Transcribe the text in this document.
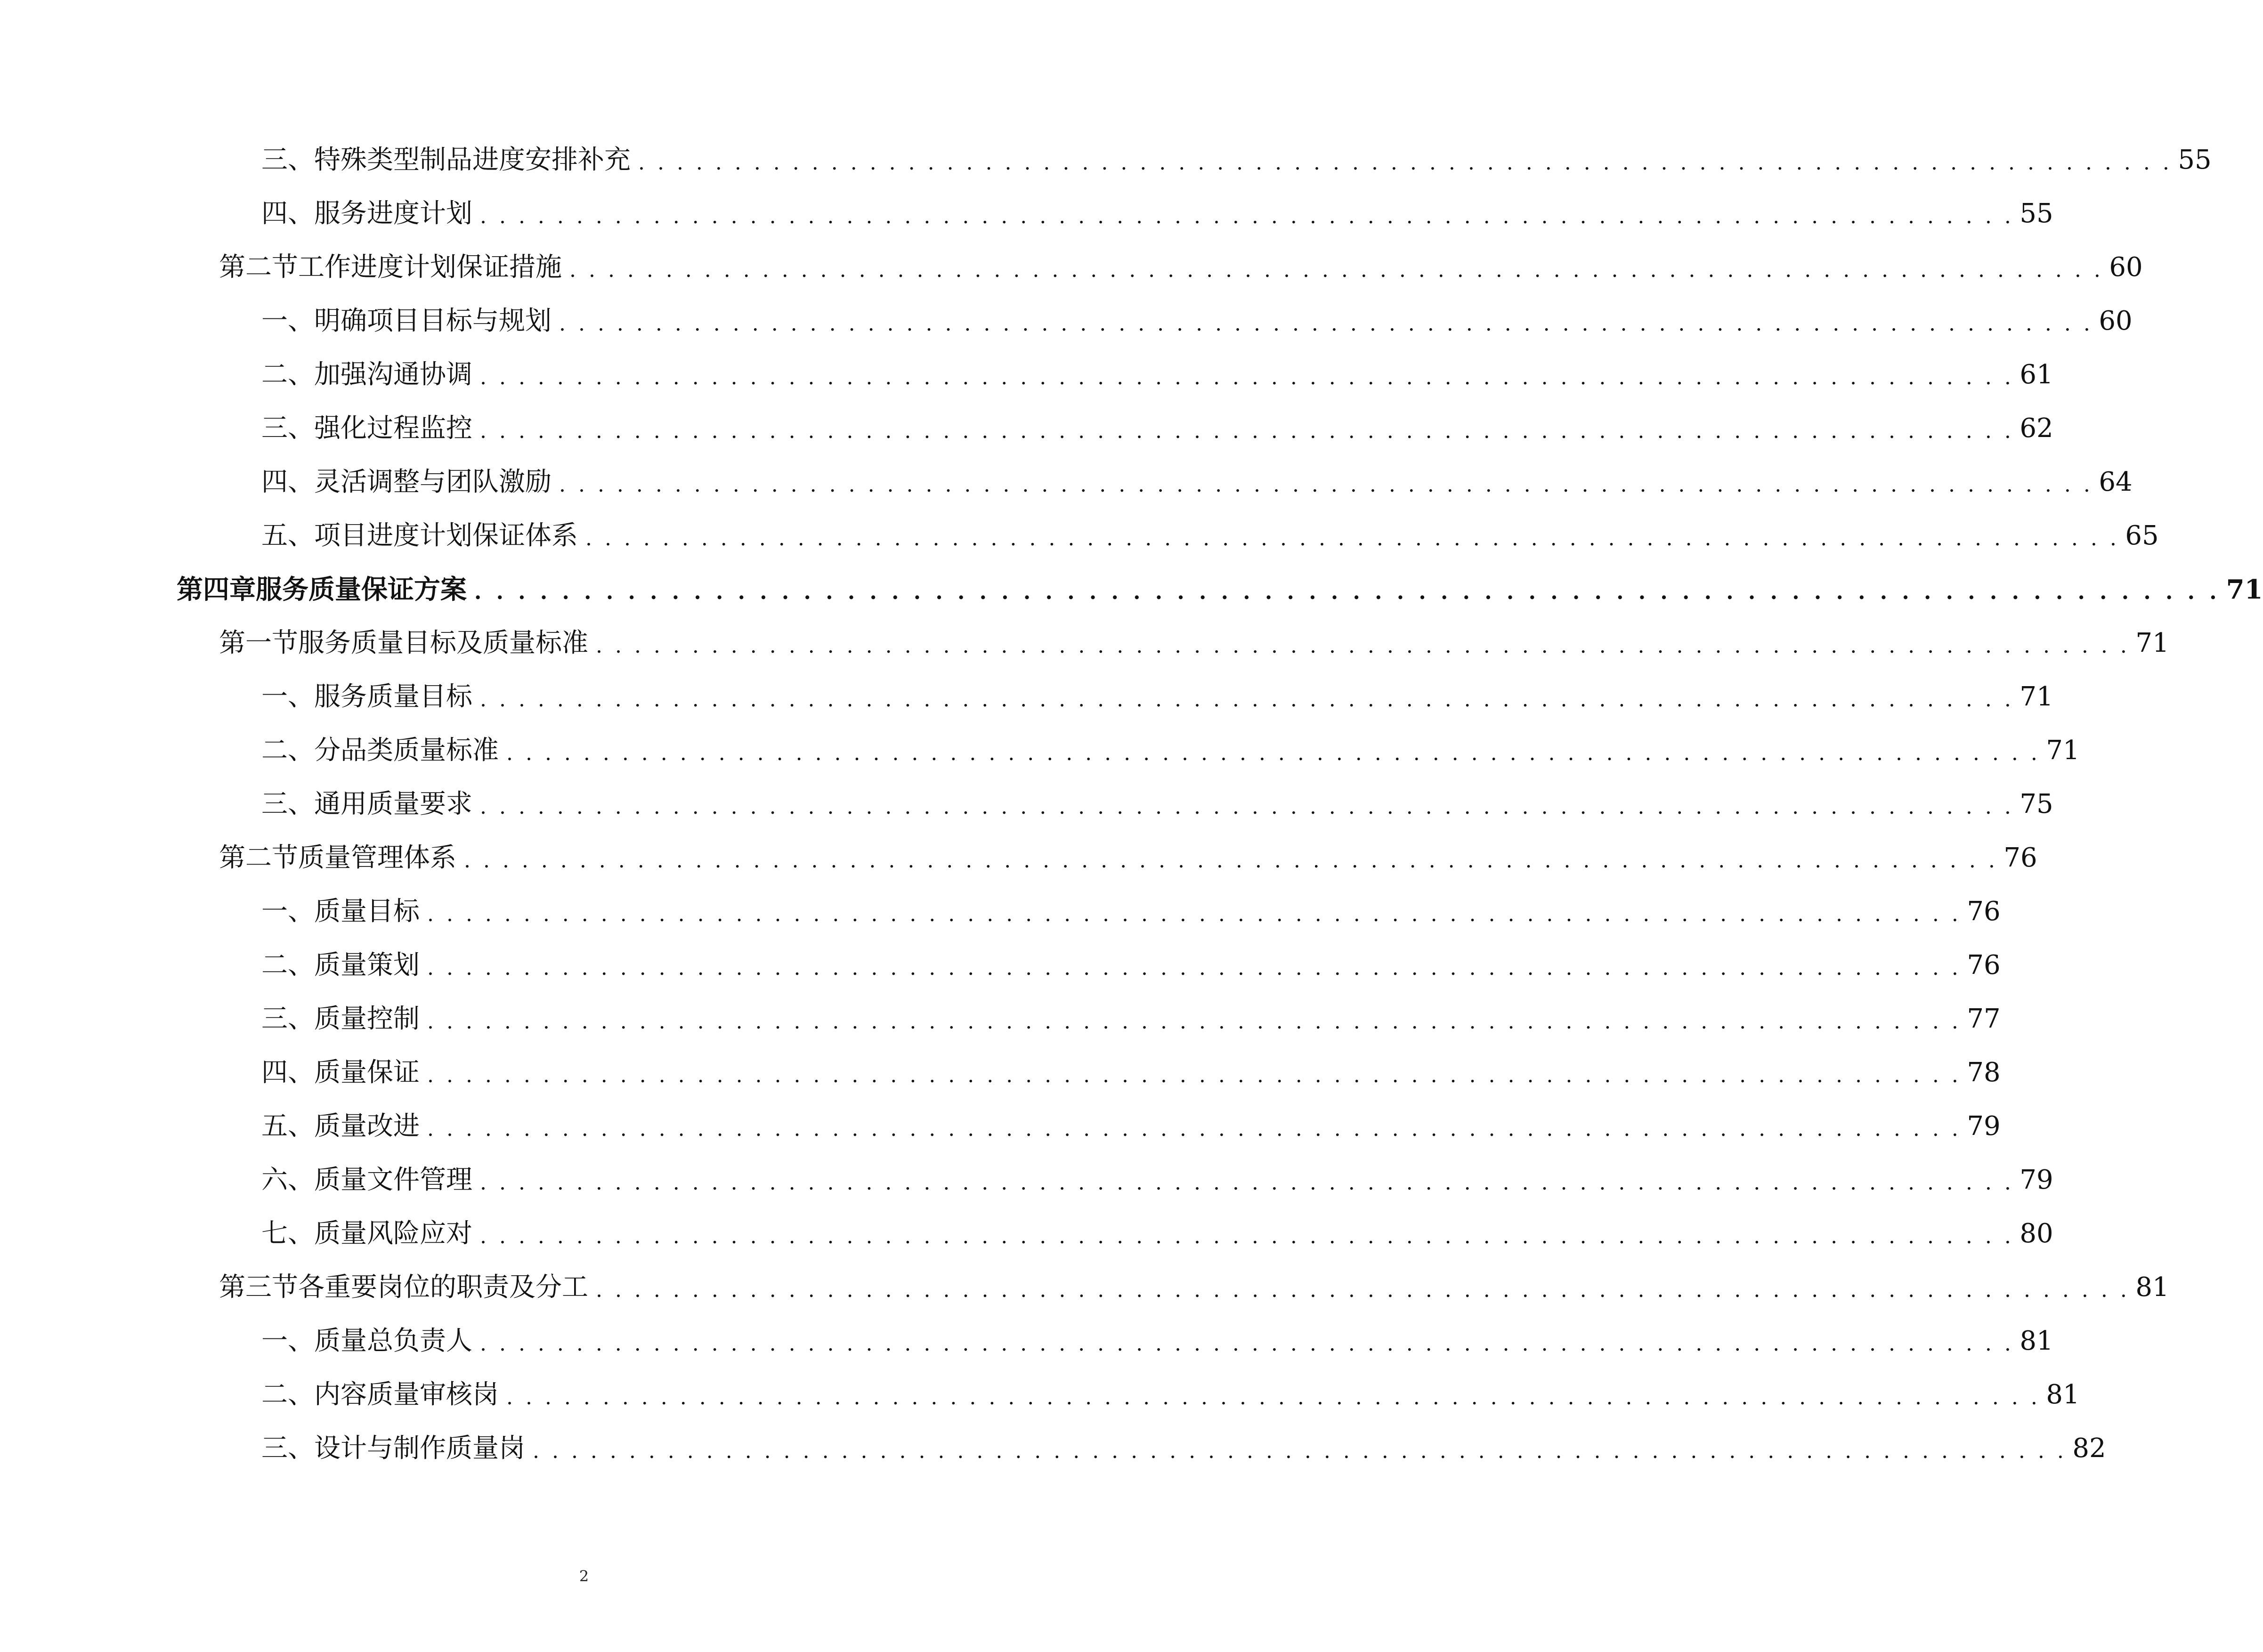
三、 特殊类型制品进度安排补充 . . . . . . . . . . . . . . . . . . . . . . . . . . . . . . . . . . . . . . . . . . . . . . . . . . . . . . . . . . . . . . . . . . . . . . . . . . . . . . . . 55
四、 服务进度计划 . . . . . . . . . . . . . . . . . . . . . . . . . . . . . . . . . . . . . . . . . . . . . . . . . . . . . . . . . . . . . . . . . . . . . . . . . . . . . . . . 55
第二节 工作进度计划保证措施 . . . . . . . . . . . . . . . . . . . . . . . . . . . . . . . . . . . . . . . . . . . . . . . . . . . . . . . . . . . . . . . . . . . . . . . . . . . . . . . . 60
一、 明确项目目标与规划 . . . . . . . . . . . . . . . . . . . . . . . . . . . . . . . . . . . . . . . . . . . . . . . . . . . . . . . . . . . . . . . . . . . . . . . . . . . . . . . . 60
二、 加强沟通协调 . . . . . . . . . . . . . . . . . . . . . . . . . . . . . . . . . . . . . . . . . . . . . . . . . . . . . . . . . . . . . . . . . . . . . . . . . . . . . . . . 61
三、 强化过程监控 . . . . . . . . . . . . . . . . . . . . . . . . . . . . . . . . . . . . . . . . . . . . . . . . . . . . . . . . . . . . . . . . . . . . . . . . . . . . . . . . 62
四、 灵活调整与团队激励 . . . . . . . . . . . . . . . . . . . . . . . . . . . . . . . . . . . . . . . . . . . . . . . . . . . . . . . . . . . . . . . . . . . . . . . . . . . . . . . . 64
五、 项目进度计划保证体系 . . . . . . . . . . . . . . . . . . . . . . . . . . . . . . . . . . . . . . . . . . . . . . . . . . . . . . . . . . . . . . . . . . . . . . . . . . . . . . . . 65
第四章 服务质量保证方案 . . . . . . . . . . . . . . . . . . . . . . . . . . . . . . . . . . . . . . . . . . . . . . . . . . . . . . . . . . . . . . . . . . . . . . . . . . . . . . . . 71
第一节 服务质量目标及质量标准 . . . . . . . . . . . . . . . . . . . . . . . . . . . . . . . . . . . . . . . . . . . . . . . . . . . . . . . . . . . . . . . . . . . . . . . . . . . . . . . . 71
一、 服务质量目标 . . . . . . . . . . . . . . . . . . . . . . . . . . . . . . . . . . . . . . . . . . . . . . . . . . . . . . . . . . . . . . . . . . . . . . . . . . . . . . . . 71
二、 分品类质量标准 . . . . . . . . . . . . . . . . . . . . . . . . . . . . . . . . . . . . . . . . . . . . . . . . . . . . . . . . . . . . . . . . . . . . . . . . . . . . . . . . 71
三、 通用质量要求 . . . . . . . . . . . . . . . . . . . . . . . . . . . . . . . . . . . . . . . . . . . . . . . . . . . . . . . . . . . . . . . . . . . . . . . . . . . . . . . . 75
第二节 质量管理体系 . . . . . . . . . . . . . . . . . . . . . . . . . . . . . . . . . . . . . . . . . . . . . . . . . . . . . . . . . . . . . . . . . . . . . . . . . . . . . . . . 76
一、 质量目标 . . . . . . . . . . . . . . . . . . . . . . . . . . . . . . . . . . . . . . . . . . . . . . . . . . . . . . . . . . . . . . . . . . . . . . . . . . . . . . . . 76
二、 质量策划 . . . . . . . . . . . . . . . . . . . . . . . . . . . . . . . . . . . . . . . . . . . . . . . . . . . . . . . . . . . . . . . . . . . . . . . . . . . . . . . . 76
三、 质量控制 . . . . . . . . . . . . . . . . . . . . . . . . . . . . . . . . . . . . . . . . . . . . . . . . . . . . . . . . . . . . . . . . . . . . . . . . . . . . . . . . 77
四、 质量保证 . . . . . . . . . . . . . . . . . . . . . . . . . . . . . . . . . . . . . . . . . . . . . . . . . . . . . . . . . . . . . . . . . . . . . . . . . . . . . . . . 78
五、 质量改进 . . . . . . . . . . . . . . . . . . . . . . . . . . . . . . . . . . . . . . . . . . . . . . . . . . . . . . . . . . . . . . . . . . . . . . . . . . . . . . . . 79
六、 质量文件管理 . . . . . . . . . . . . . . . . . . . . . . . . . . . . . . . . . . . . . . . . . . . . . . . . . . . . . . . . . . . . . . . . . . . . . . . . . . . . . . . . 79
七、 质量风险应对 . . . . . . . . . . . . . . . . . . . . . . . . . . . . . . . . . . . . . . . . . . . . . . . . . . . . . . . . . . . . . . . . . . . . . . . . . . . . . . . . 80
第三节 各重要岗位的职责及分工 . . . . . . . . . . . . . . . . . . . . . . . . . . . . . . . . . . . . . . . . . . . . . . . . . . . . . . . . . . . . . . . . . . . . . . . . . . . . . . . . 81
一、 质量总负责人 . . . . . . . . . . . . . . . . . . . . . . . . . . . . . . . . . . . . . . . . . . . . . . . . . . . . . . . . . . . . . . . . . . . . . . . . . . . . . . . . 81
二、 内容质量审核岗 . . . . . . . . . . . . . . . . . . . . . . . . . . . . . . . . . . . . . . . . . . . . . . . . . . . . . . . . . . . . . . . . . . . . . . . . . . . . . . . . 81
三、 设计与制作质量岗 . . . . . . . . . . . . . . . . . . . . . . . . . . . . . . . . . . . . . . . . . . . . . . . . . . . . . . . . . . . . . . . . . . . . . . . . . . . . . . . . 82
2
